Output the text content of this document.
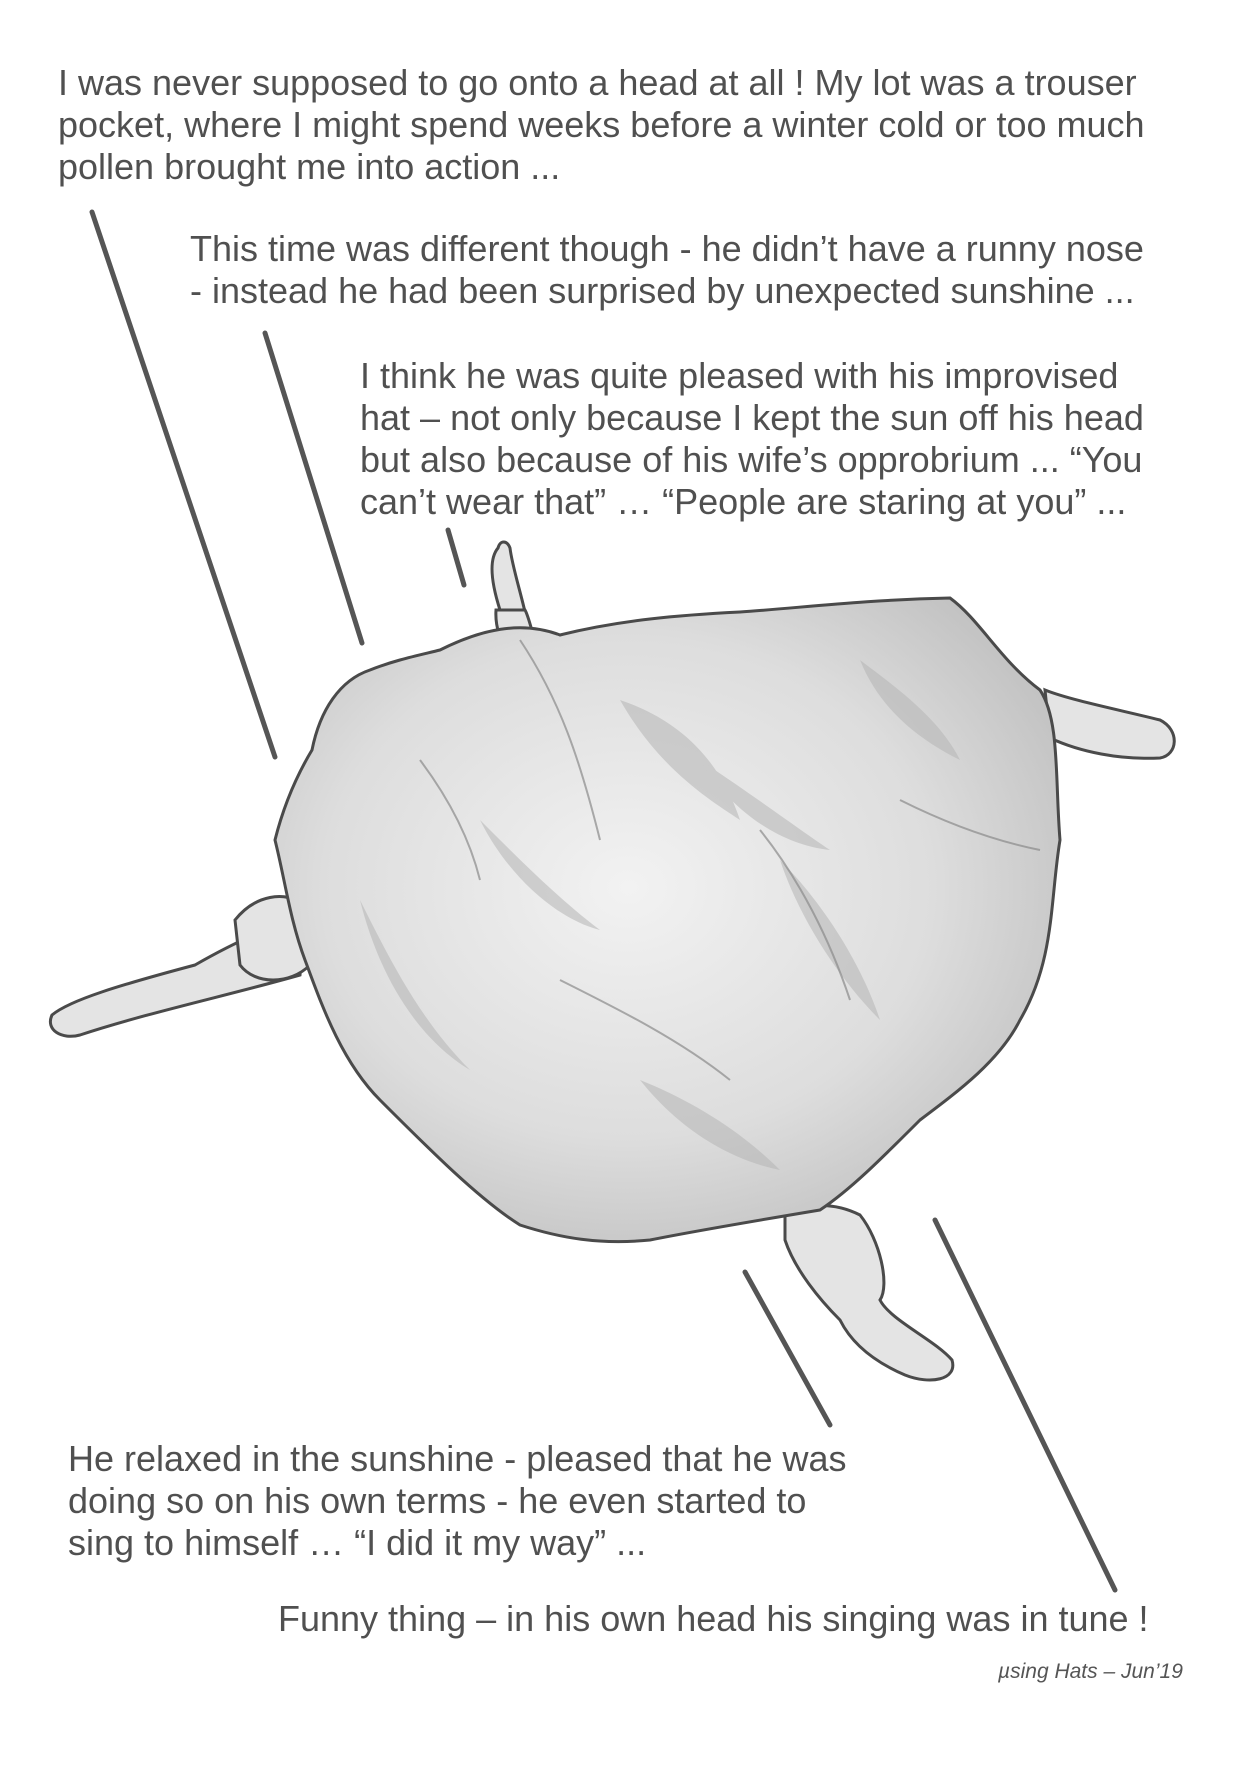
I was never supposed to go onto a head at all ! My lot was a trouser
pocket, where I might spend weeks before a winter cold or too much
pollen brought me into action ...
This time was different though - he didn’t have a runny nose
- instead he had been surprised by unexpected sunshine ...
I think he was quite pleased with his improvised
hat – not only because I kept the sun off his head
but also because of his wife’s opprobrium ... “You
can’t wear that” … “People are staring at you” ...
He relaxed in the sunshine - pleased that he was
doing so on his own terms - he even started to
sing to himself … “I did it my way” ...
Funny thing – in his own head his singing was in tune !
µsing Hats – Jun’19
